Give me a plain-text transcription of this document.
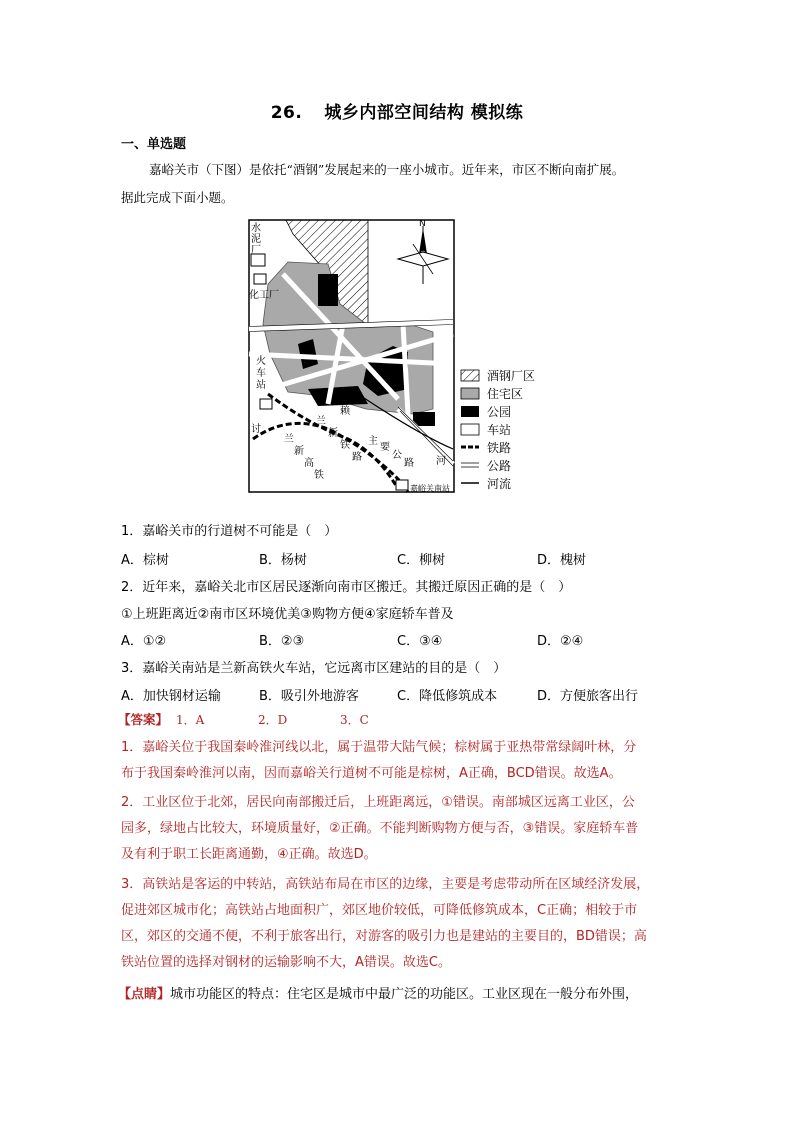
26. 城乡内部空间结构 模拟练
一、单选题
嘉峪关市（下图）是依托“酒钢”发展起来的一座小城市。近年来，市区不断向南扩展。
据此完成下面小题。
水
泥
厂
化工厂
火
车
站
讨
兰
新
铁
路
兰
新
高
铁
赖
主
要
公
路 河
嘉峪关南站
N
酒钢厂区
住宅区
公园
车站
铁路
公路
河流
1．嘉峪关市的行道树不可能是（　）
A．棕树	B．杨树	C．柳树	D．槐树
2．近年来，嘉峪关北市区居民逐渐向南市区搬迁。其搬迁原因正确的是（　）
①上班距离近②南市区环境优美③购物方便④家庭轿车普及
A．①②	B．②③	C．③④	D．②④
3．嘉峪关南站是兰新高铁火车站，它远离市区建站的目的是（　）
A．加快钢材运输	B．吸引外地游客	C．降低修筑成本	D．方便旅客出行
【答案】 1．A	2．D	3．C
1．嘉峪关位于我国秦岭淮河线以北，属于温带大陆气候；棕树属于亚热带常绿阔叶林，分
布于我国秦岭淮河以南，因而嘉峪关行道树不可能是棕树，A正确，BCD错误。故选A。
2．工业区位于北郊，居民向南部搬迁后，上班距离远，①错误。南部城区远离工业区，公
园多，绿地占比较大，环境质量好，②正确。不能判断购物方便与否，③错误。家庭轿车普
及有利于职工长距离通勤，④正确。故选D。
3．高铁站是客运的中转站，高铁站布局在市区的边缘，主要是考虑带动所在区域经济发展，
促进郊区城市化；高铁站占地面积广，郊区地价较低，可降低修筑成本，C正确；相较于市
区，郊区的交通不便，不利于旅客出行，对游客的吸引力也是建站的主要目的，BD错误；高
铁站位置的选择对钢材的运输影响不大，A错误。故选C。
【点睛】城市功能区的特点：住宅区是城市中最广泛的功能区。工业区现在一般分布外围，
